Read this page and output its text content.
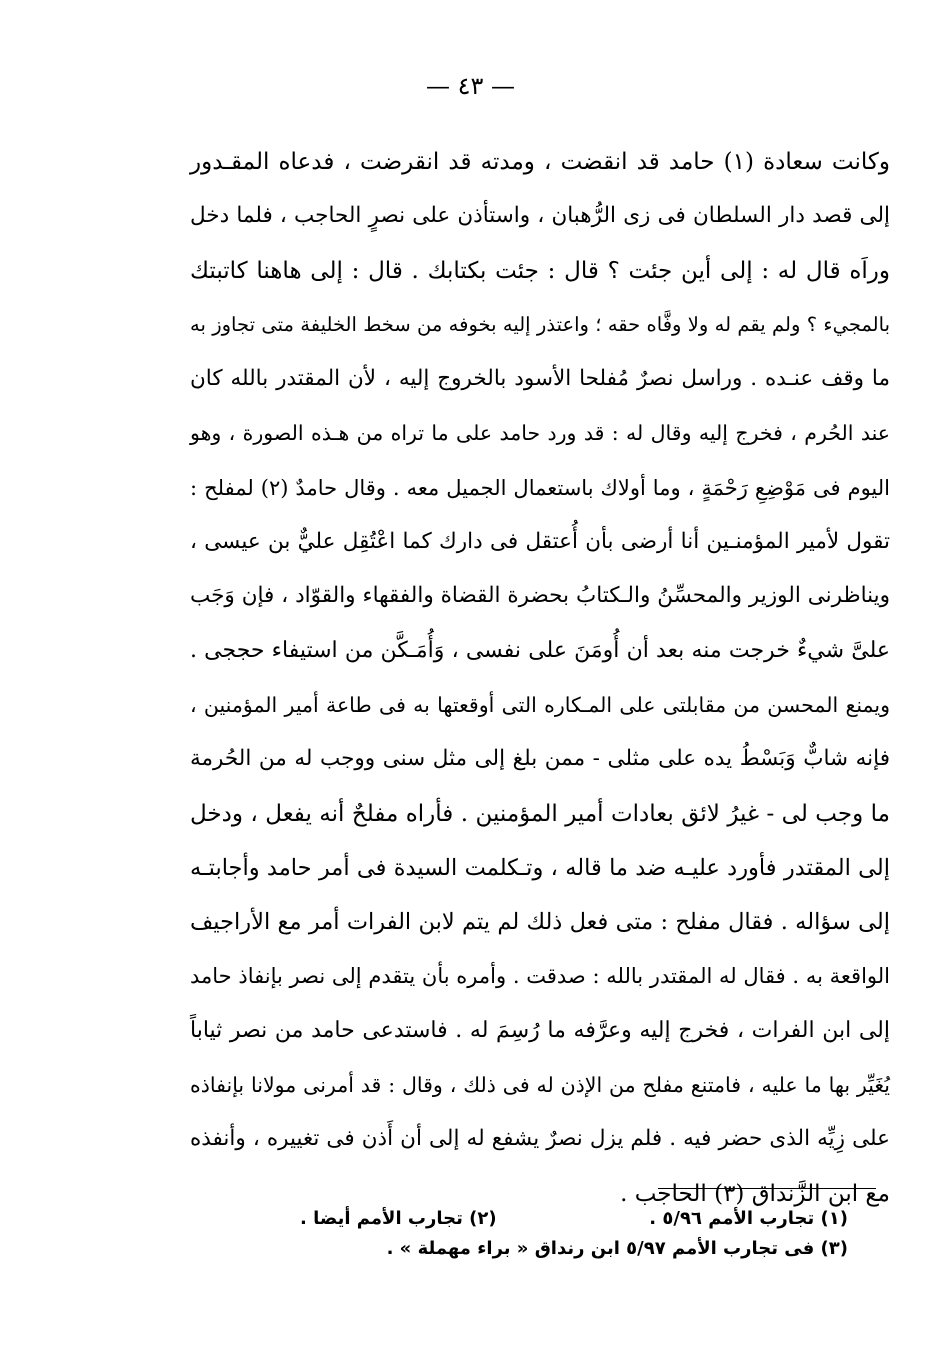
— ٤٣ —
وكانت سعادة (١) حامد قد انقضت ، ومدته قد انقرضت ، فدعاه المقـدور
إلى قصد دار السلطان فى زى الرُّهبان ، واستأذن على نصرٍ الحاجب ، فلما دخل
وراَه قال له : إلى أين جئت ؟ قال : جئت بكتابك . قال : إلى هاهنا كاتبتك
بالمجيء ؟ ولم يقم له ولا وفَّاه حقه ؛ واعتذر إليه بخوفه من سخط الخليفة متى تجاوز به
ما وقف عنـده . وراسل نصرٌ مُفلحا الأسود بالخروج إليه ، لأن المقتدر بالله كان
عند الحُرم ، فخرج إليه وقال له : قد ورد حامد على ما تراه من هـذه الصورة ، وهو
اليوم فى مَوْضِعِ رَحْمَةٍ ، وما أولاك باستعمال الجميل معه . وقال حامدٌ (٢) لمفلح :
تقول لأمير المؤمنـين أنا أرضى بأن أُعتقل فى دارك كما اعْتُقِل عليٌّ بن عيسى ،
ويناظرنى الوزير والمحسِّنُ والـكتابُ بحضرة القضاة والفقهاء والقوّاد ، فإن وَجَب
علىَّ شيءٌ خرجت منه بعد أن أُومَنَ على نفسى ، وَأُمَـكَّن من استيفاء حججى .
ويمنع المحسن من مقابلتى على المـكاره التى أوقعتها به فى طاعة أمير المؤمنين ،
فإنه شابٌّ وَبَسْطُ يده على مثلى - ممن بلغ إلى مثل سنى ووجب له من الحُرمة
ما وجب لى - غيرُ لائق بعادات أمير المؤمنين . فأراه مفلحٌ أنه يفعل ، ودخل
إلى المقتدر فأورد عليـه ضد ما قاله ، وتـكلمت السيدة فى أمر حامد وأجابتـه
إلى سؤاله . فقال مفلح : متى فعل ذلك لم يتم لابن الفرات أمر مع الأراجيف
الواقعة به . فقال له المقتدر بالله : صدقت . وأمره بأن يتقدم إلى نصر بإنفاذ حامد
إلى ابن الفرات ، فخرج إليه وعرَّفه ما رُسِمَ له . فاستدعى حامد من نصر ثياباً
يُغَيِّر بها ما عليه ، فامتنع مفلح من الإذن له فى ذلك ، وقال : قد أمرنى مولانا بإنفاذه
على زِيِّه الذى حضر فيه . فلم يزل نصرٌ يشفع له إلى أن أَذن فى تغييره ، وأنفذه
مع ابن الزَّنداق (٣) الحاجب .
(١) تجارب الأمم ٥/٩٦ .
(٢) تجارب الأمم أيضا .
(٣) فى تجارب الأمم ٥/٩٧ ابن رنداق « براء مهملة » .
